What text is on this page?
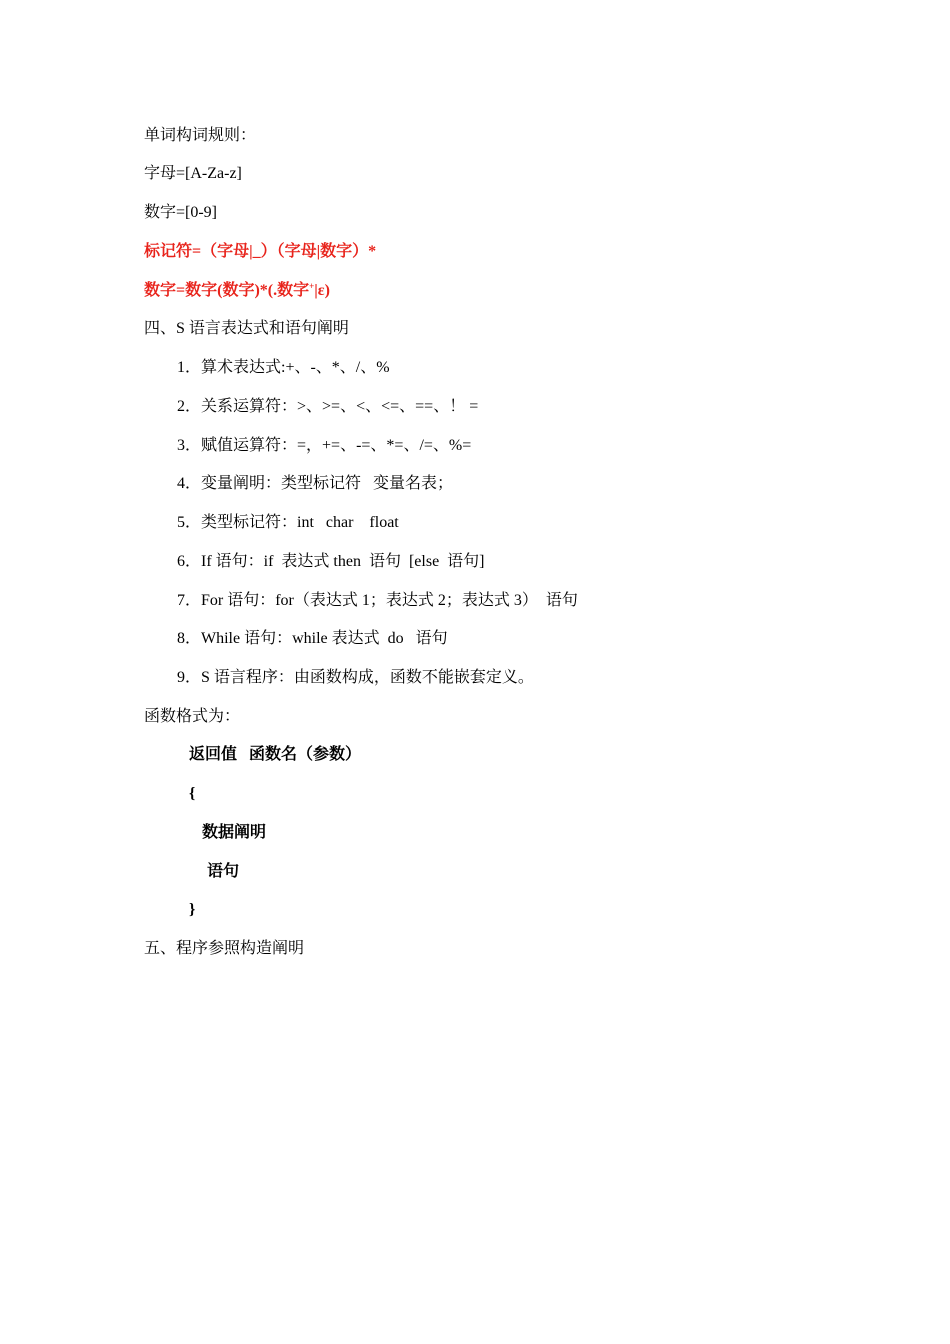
单词构词规则：
字母=[A-Za-z]
数字=[0-9]
标记符=（字母|_）（字母|数字）*
数字=数字(数字)*(.数字+|ε)
四、S 语言表达式和语句阐明
1．算术表达式:+、-、*、/、%
2．关系运算符：>、>=、<、<=、==、！ =
3．赋值运算符：=，+=、-=、*=、/=、%=
4．变量阐明：类型标记符   变量名表；
5．类型标记符：int   char    float
6．If 语句：if  表达式 then  语句  [else  语句]
7．For 语句：for（表达式 1；表达式 2；表达式 3）  语句
8．While 语句：while 表达式  do   语句
9．S 语言程序：由函数构成，函数不能嵌套定义。
函数格式为：
返回值   函数名（参数）
{
数据阐明
语句
}
五、程序参照构造阐明
